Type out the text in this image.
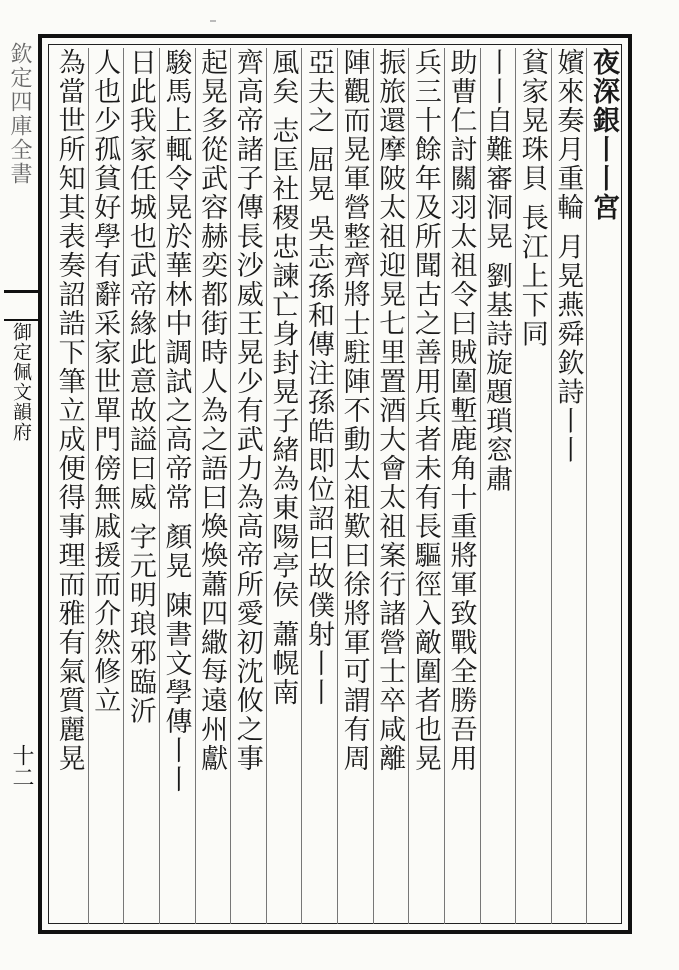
欽定四庫全書
御定佩文韻府
十二
夜深銀丨丨宮
嬪來奏月重輪 月晃燕舜欽詩丨丨
貧家晃珠貝 長江上下同
丨丨自難審洞晃 劉基詩旋題瑣窓肅
助曹仁討關羽太祖令曰賊圍塹鹿角十重將軍致戰全勝吾用
兵三十餘年及所聞古之善用兵者未有長驅徑入敵圍者也晃
振旅還摩陂太祖迎晃七里置酒大會太祖案行諸營士卒咸離
陣觀而晃軍營整齊將士駐陣不動太祖歎曰徐將軍可謂有周
亞夫之 屈晃 吳志孫和傳注孫皓即位詔曰故僕射丨丨
風矣 志匡社稷忠諫亡身封晃子緒為東陽亭侯 蕭幌南
齊高帝諸子傳長沙威王晃少有武力為高帝所愛初沈攸之事
起晃多從武容赫奕都街時人為之語曰煥煥蕭四繖每遠州獻
駿馬上輒令晃於華林中調試之高帝常 顏晃 陳書文學傳丨丨
日此我家任城也武帝緣此意故謚曰威 字元明琅邪臨沂
人也少孤貧好學有辭采家世單門傍無戚援而介然修立
為當世所知其表奏詔誥下筆立成便得事理而雅有氣質麗晃
